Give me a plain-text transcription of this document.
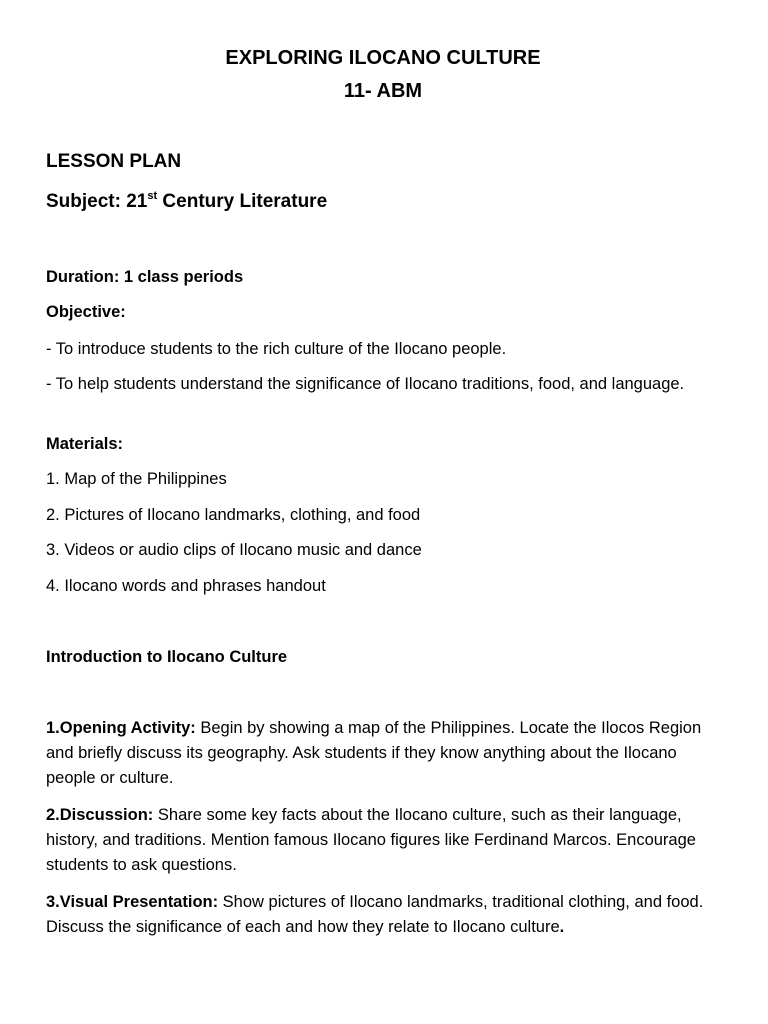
EXPLORING ILOCANO CULTURE
11- ABM
LESSON PLAN
Subject: 21st Century Literature
Duration: 1 class periods
Objective:
- To introduce students to the rich culture of the Ilocano people.
- To help students understand the significance of Ilocano traditions, food, and language.
Materials:
1. Map of the Philippines
2. Pictures of Ilocano landmarks, clothing, and food
3. Videos or audio clips of Ilocano music and dance
4. Ilocano words and phrases handout
Introduction to Ilocano Culture

1.Opening Activity: Begin by showing a map of the Philippines. Locate the Ilocos Region and briefly discuss its geography. Ask students if they know anything about the Ilocano people or culture.

2.Discussion: Share some key facts about the Ilocano culture, such as their language, history, and traditions. Mention famous Ilocano figures like Ferdinand Marcos. Encourage students to ask questions.

3.Visual Presentation: Show pictures of Ilocano landmarks, traditional clothing, and food. Discuss the significance of each and how they relate to Ilocano culture.
